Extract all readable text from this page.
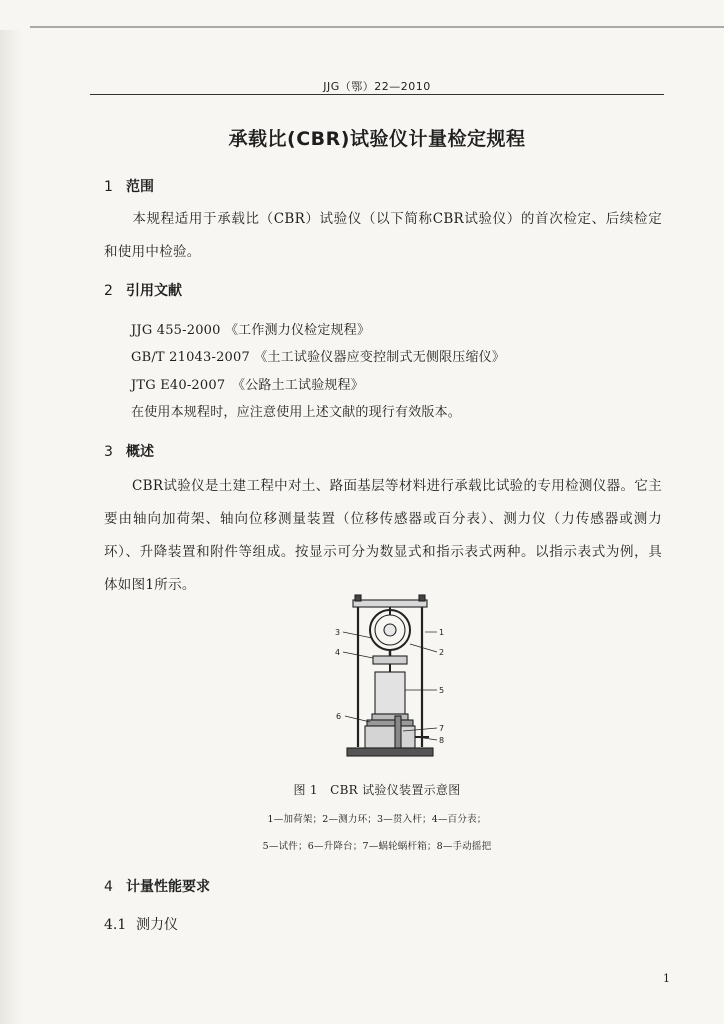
JJG（鄂）22—2010
承载比(CBR)试验仪计量检定规程
1 范围
本规程适用于承载比（CBR）试验仪（以下简称CBR试验仪）的首次检定、后续检定和使用中检验。
2 引用文献
JJG 455-2000 《工作测力仪检定规程》
GB/T 21043-2007 《土工试验仪器应变控制式无侧限压缩仪》
JTG E40-2007　《公路土工试验规程》
在使用本规程时，应注意使用上述文献的现行有效版本。
3 概述
CBR试验仪是土建工程中对土、路面基层等材料进行承载比试验的专用检测仪器。它主要由轴向加荷架、轴向位移测量装置（位移传感器或百分表）、测力仪（力传感器或测力环）、升降装置和附件等组成。按显示可分为数显式和指示表式两种。以指示表式为例，具体如图1所示。
1
2
3
4
5
6
7
8
图 1　CBR 试验仪装置示意图
1—加荷架；2—测力环；3—贯入杆；4—百分表；
5—试件；6—升降台；7—蜗轮蜗杆箱；8—手动摇把
4 计量性能要求
4.1 测力仪
1
